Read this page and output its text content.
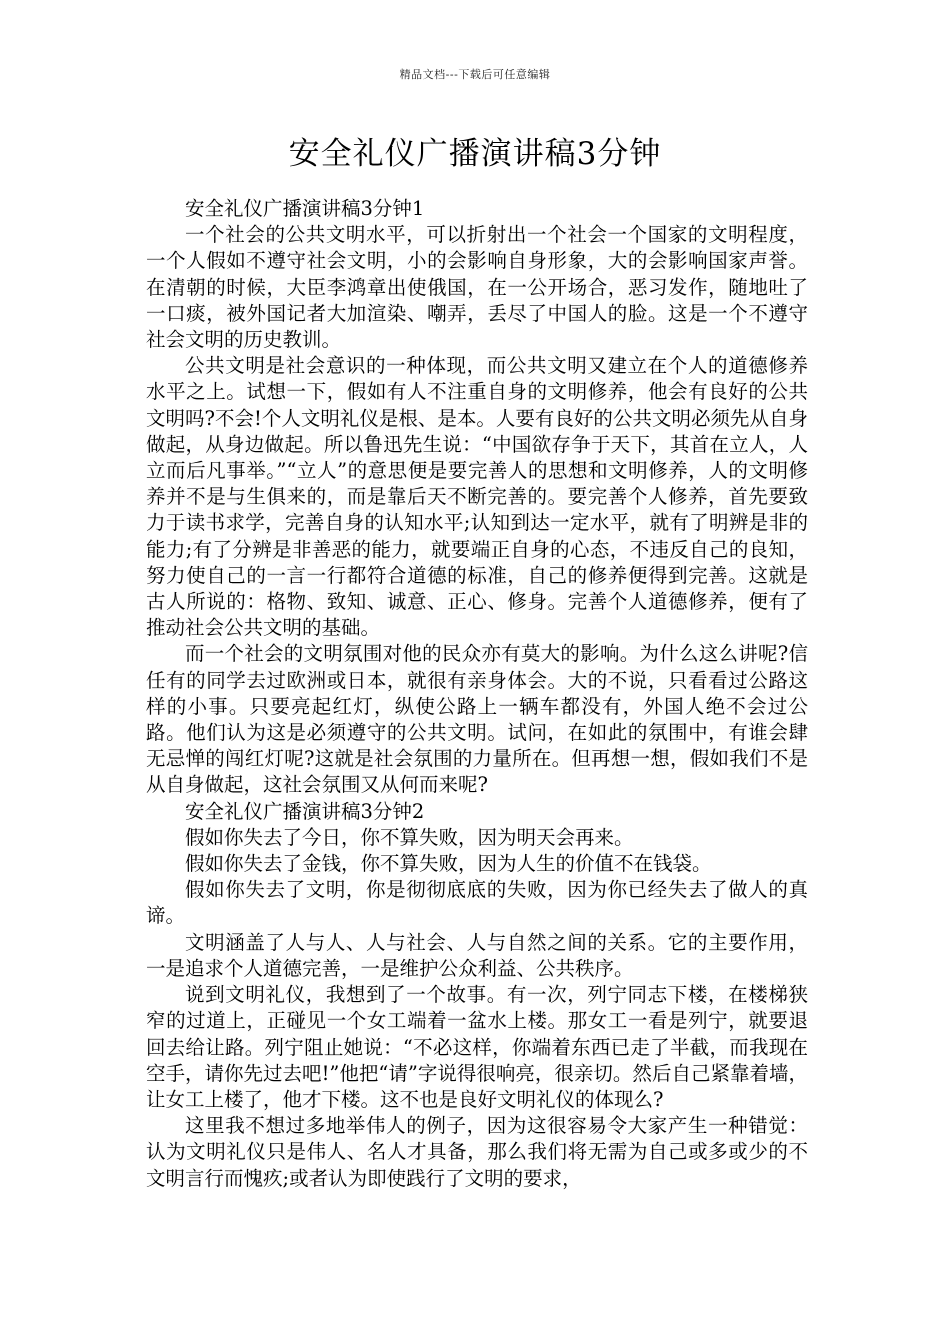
精品文档---下载后可任意编辑
安全礼仪广播演讲稿3分钟

安全礼仪广播演讲稿3分钟1

一个社会的公共文明水平，可以折射出一个社会一个国家的文明程度，一个人假如不遵守社会文明，小的会影响自身形象，大的会影响国家声誉。在清朝的时候，大臣李鸿章出使俄国，在一公开场合，恶习发作，随地吐了一口痰，被外国记者大加渲染、嘲弄，丢尽了中国人的脸。这是一个不遵守社会文明的历史教训。

公共文明是社会意识的一种体现，而公共文明又建立在个人的道德修养水平之上。试想一下，假如有人不注重自身的文明修养，他会有良好的公共文明吗?不会!个人文明礼仪是根、是本。人要有良好的公共文明必须先从自身做起，从身边做起。所以鲁迅先生说：“中国欲存争于天下，其首在立人，人立而后凡事举。”“立人”的意思便是要完善人的思想和文明修养，人的文明修养并不是与生俱来的，而是靠后天不断完善的。要完善个人修养，首先要致力于读书求学，完善自身的认知水平;认知到达一定水平，就有了明辨是非的能力;有了分辨是非善恶的能力，就要端正自身的心态，不违反自己的良知，努力使自己的一言一行都符合道德的标准，自己的修养便得到完善。这就是古人所说的：格物、致知、诚意、正心、修身。完善个人道德修养，便有了推动社会公共文明的基础。

而一个社会的文明氛围对他的民众亦有莫大的影响。为什么这么讲呢?信任有的同学去过欧洲或日本，就很有亲身体会。大的不说，只看看过公路这样的小事。只要亮起红灯，纵使公路上一辆车都没有，外国人绝不会过公路。他们认为这是必须遵守的公共文明。试问，在如此的氛围中，有谁会肆无忌惮的闯红灯呢?这就是社会氛围的力量所在。但再想一想，假如我们不是从自身做起，这社会氛围又从何而来呢?

安全礼仪广播演讲稿3分钟2

假如你失去了今日，你不算失败，因为明天会再来。

假如你失去了金钱，你不算失败，因为人生的价值不在钱袋。

假如你失去了文明，你是彻彻底底的失败，因为你已经失去了做人的真谛。

文明涵盖了人与人、人与社会、人与自然之间的关系。它的主要作用，一是追求个人道德完善，一是维护公众利益、公共秩序。

说到文明礼仪，我想到了一个故事。有一次，列宁同志下楼，在楼梯狭窄的过道上，正碰见一个女工端着一盆水上楼。那女工一看是列宁，就要退回去给让路。列宁阻止她说：“不必这样，你端着东西已走了半截，而我现在空手，请你先过去吧!”他把“请”字说得很响亮，很亲切。然后自己紧靠着墙，让女工上楼了，他才下楼。这不也是良好文明礼仪的体现么?

这里我不想过多地举伟人的例子，因为这很容易令大家产生一种错觉：认为文明礼仪只是伟人、名人才具备，那么我们将无需为自己或多或少的不文明言行而愧疚;或者认为即使践行了文明的要求，
